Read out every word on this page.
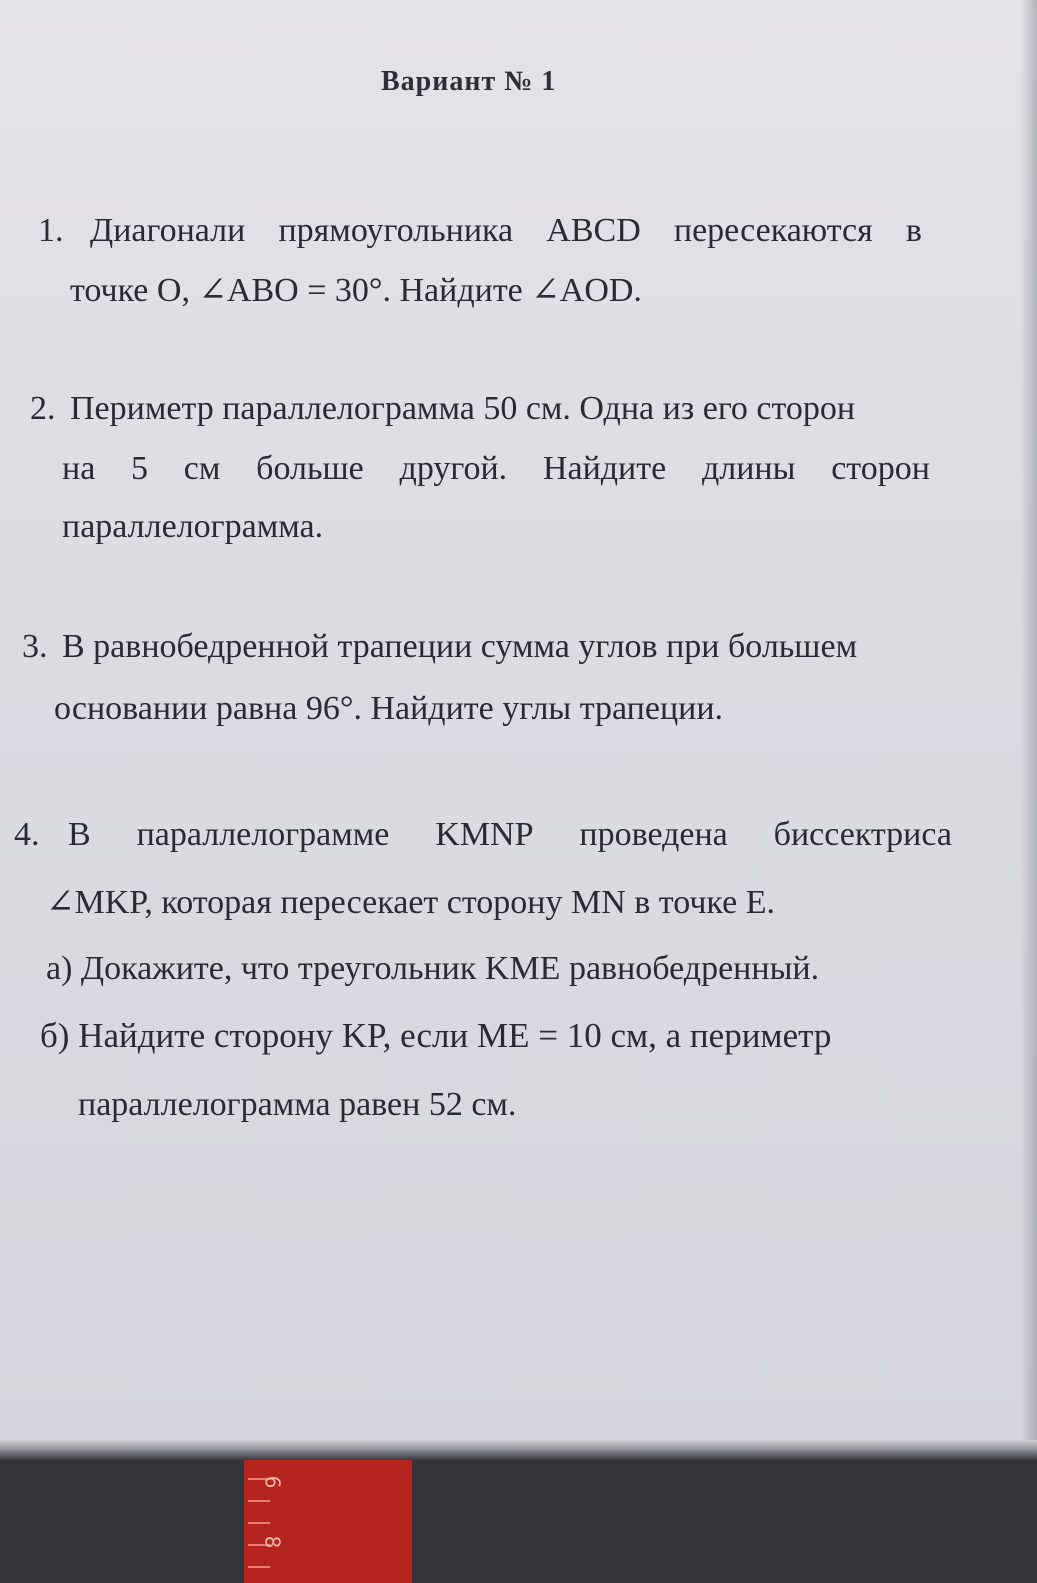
6
8
Вариант № 1
1. Диагонали прямоугольника ABCD пересекаются в
точке O, ∠ABO = 30°. Найдите ∠AOD.
2. Периметр параллелограмма 50 см. Одна из его сторон
на 5 см больше другой. Найдите длины сторон
параллелограмма.
3. В равнобедренной трапеции сумма углов при большем
основании равна 96°. Найдите углы трапеции.
4. В параллелограмме KMNP проведена биссектриса
∠MKP, которая пересекает сторону MN в точке E.
а) Докажите, что треугольник KME равнобедренный.
б) Найдите сторону KP, если ME = 10 см, а периметр
параллелограмма равен 52 см.
